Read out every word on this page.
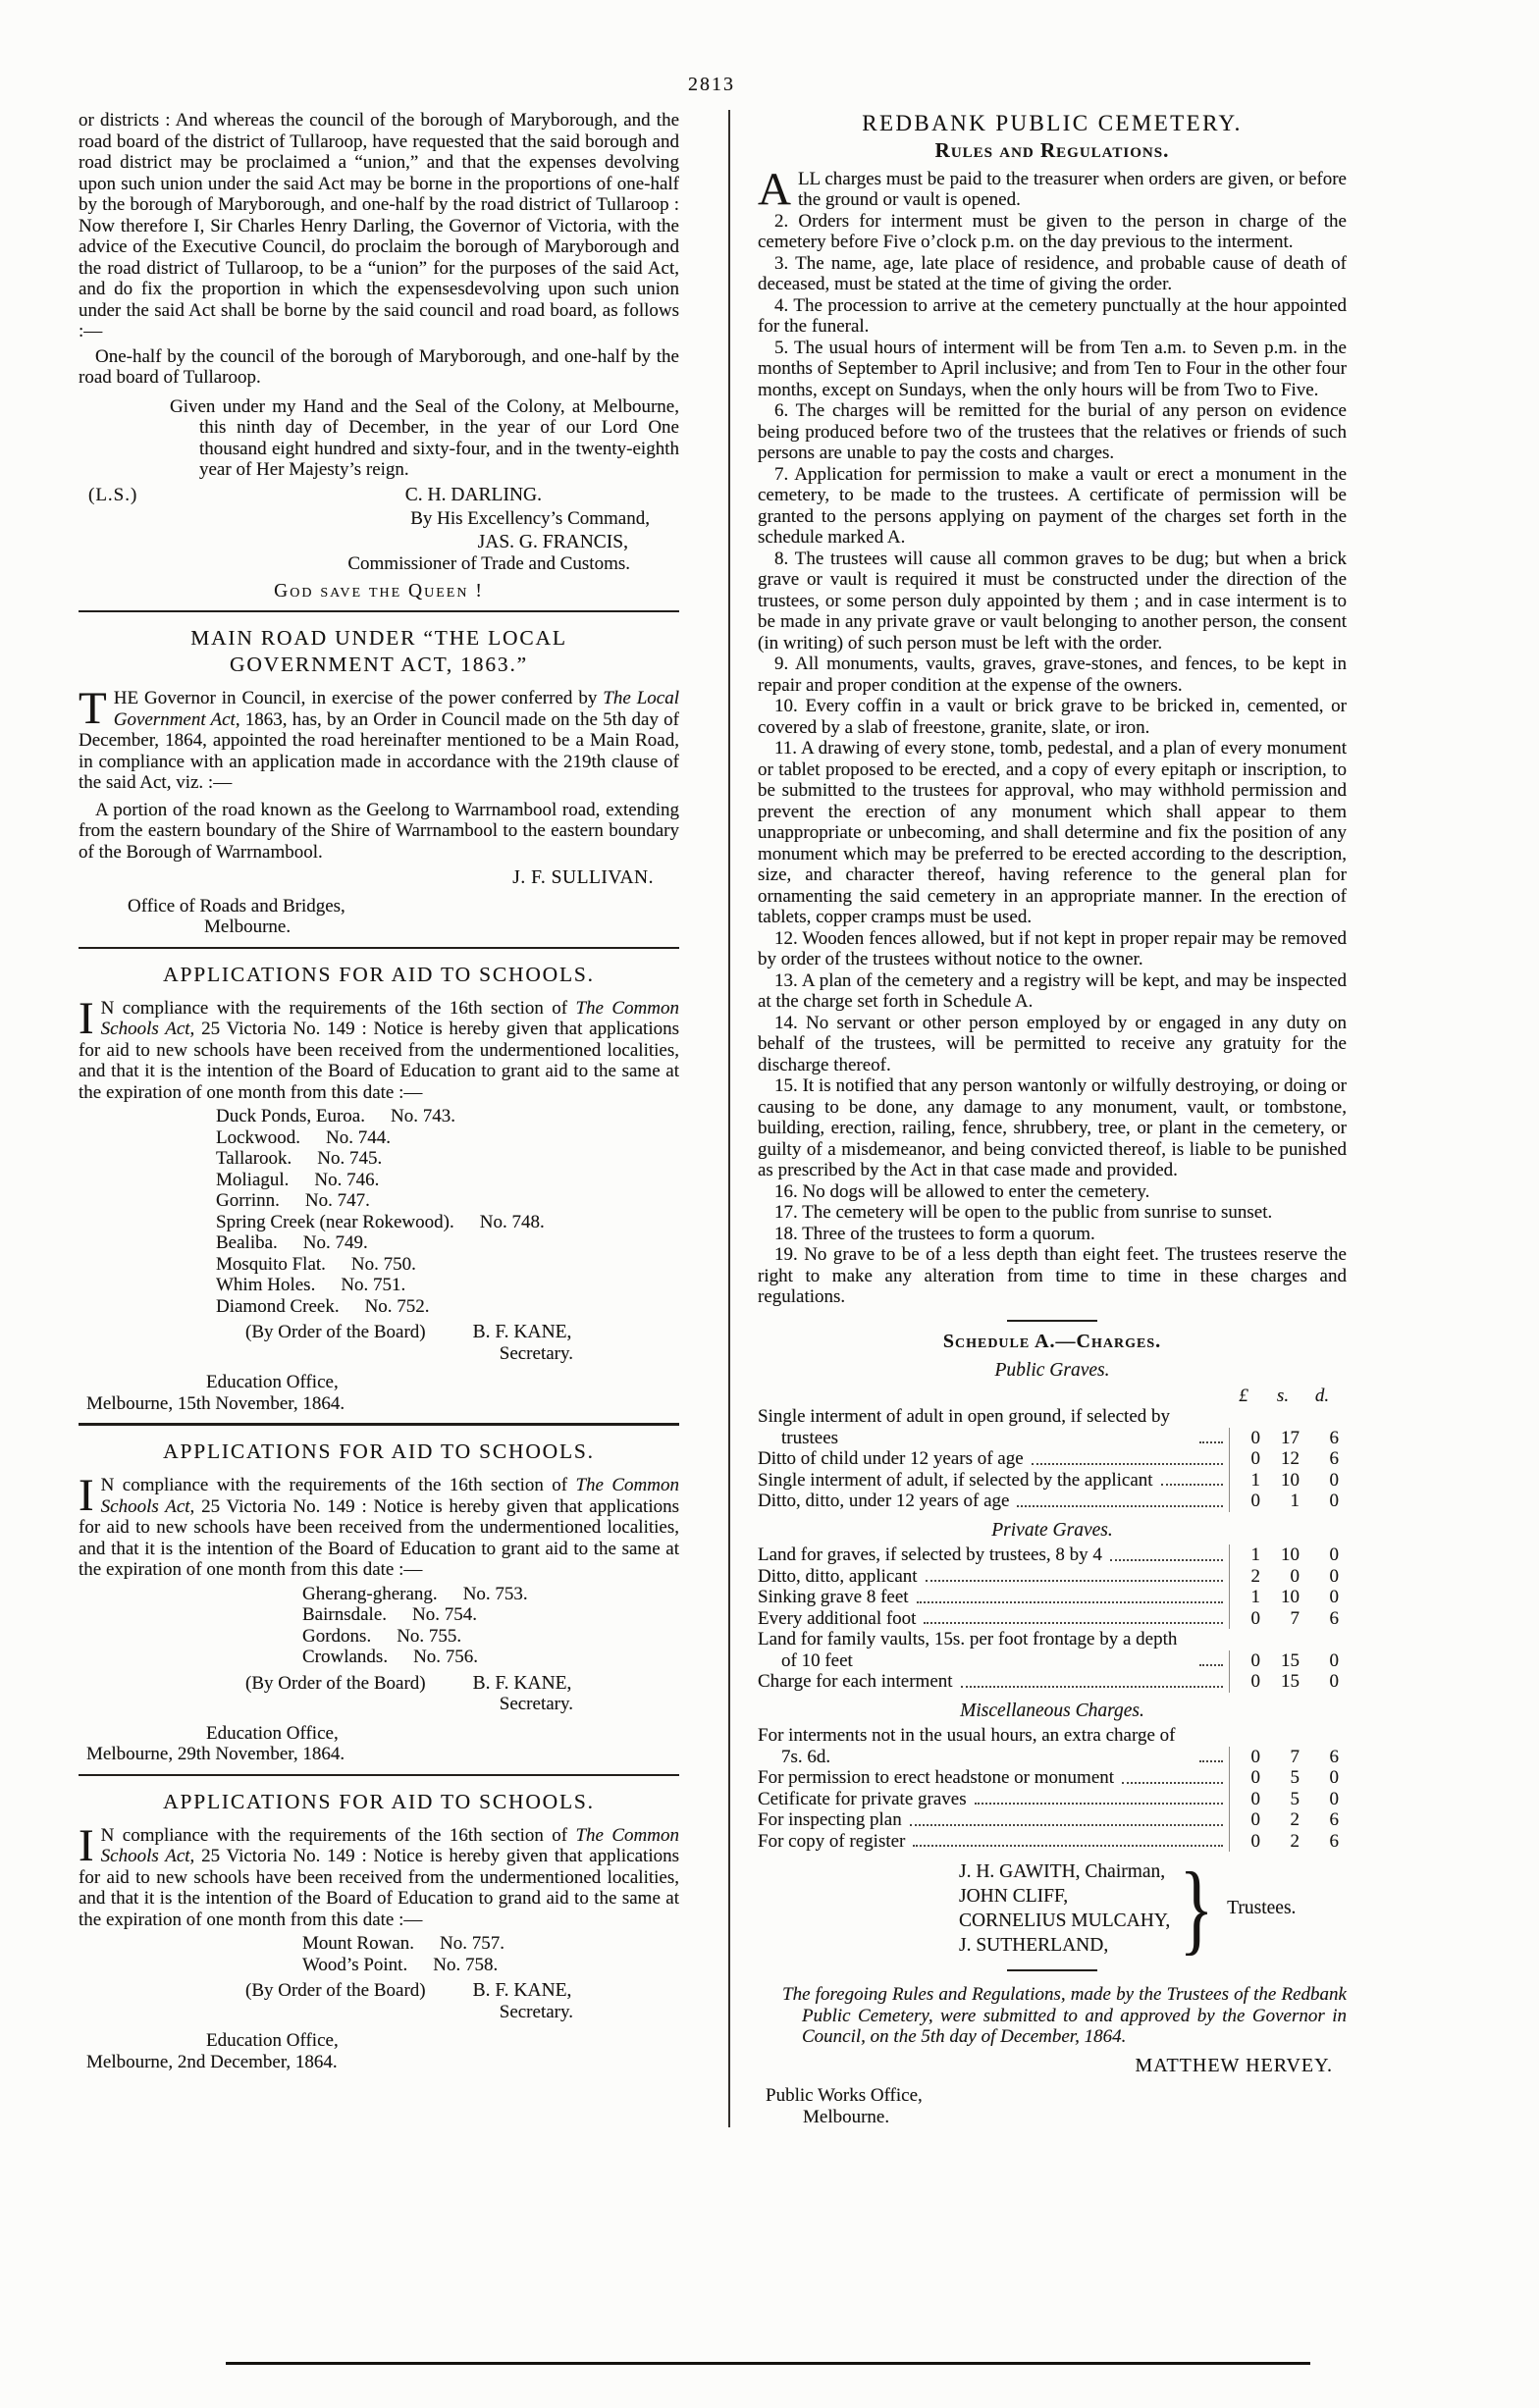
2813

or districts : And whereas the council of the borough of Maryborough, and the road board of the district of Tullaroop, have requested that the said borough and road district may be proclaimed a “union,” and that the expenses devolving upon such union under the said Act may be borne in the proportions of one-half by the borough of Maryborough, and one-half by the road district of Tullaroop : Now therefore I, Sir Charles Henry Darling, the Governor of Victoria, with the advice of the Executive Council, do proclaim the borough of Maryborough and the road district of Tullaroop, to be a “union” for the purposes of the said Act, and do fix the proportion in which the expensesdevolving upon such union under the said Act shall be borne by the said council and road board, as follows :—

One-half by the council of the borough of Maryborough, and one-half by the road board of Tullaroop.

Given under my Hand and the Seal of the Colony, at Melbourne, this ninth day of December, in the year of our Lord One thousand eight hundred and sixty-four, and in the twenty-eighth year of Her Majesty’s reign.

(L.S.)	C. H. DARLING.
By His Excellency’s Command,
JAS. G. FRANCIS,
Commissioner of Trade and Customs.
God save the Queen !
MAIN ROAD UNDER “THE LOCAL GOVERNMENT ACT, 1863.”

THE Governor in Council, in exercise of the power conferred by The Local Government Act, 1863, has, by an Order in Council made on the 5th day of December, 1864, appointed the road hereinafter mentioned to be a Main Road, in compliance with an application made in accordance with the 219th clause of the said Act, viz. :—

A portion of the road known as the Geelong to Warrnambool road, extending from the eastern boundary of the Shire of Warrnambool to the eastern boundary of the Borough of Warrnambool.

J. F. SULLIVAN.
Office of Roads and Bridges,
Melbourne.
APPLICATIONS FOR AID TO SCHOOLS.

I N compliance with the requirements of the 16th section of The Common Schools Act, 25 Victoria No. 149 : Notice is hereby given that applications for aid to new schools have been received from the undermentioned localities, and that it is the intention of the Board of Education to grant aid to the same at the expiration of one month from this date :—

Duck Ponds, Euroa. No. 743.
Lockwood. No. 744.
Tallarook. No. 745.
Moliagul. No. 746.
Gorrinn. No. 747.
Spring Creek (near Rokewood). No. 748.
Bealiba. No. 749.
Mosquito Flat. No. 750.
Whim Holes. No. 751.
Diamond Creek. No. 752.
(By Order of the Board) B. F. KANE,
Secretary.
Education Office,
Melbourne, 15th November, 1864.
APPLICATIONS FOR AID TO SCHOOLS.

I N compliance with the requirements of the 16th section of The Common Schools Act, 25 Victoria No. 149 : Notice is hereby given that applications for aid to new schools have been received from the undermentioned localities, and that it is the intention of the Board of Education to grant aid to the same at the expiration of one month from this date :—

Gherang-gherang. No. 753.
Bairnsdale. No. 754.
Gordons. No. 755.
Crowlands. No. 756.
(By Order of the Board) B. F. KANE,
Secretary.
Education Office,
Melbourne, 29th November, 1864.
APPLICATIONS FOR AID TO SCHOOLS.

I N compliance with the requirements of the 16th section of The Common Schools Act, 25 Victoria No. 149 : Notice is hereby given that applications for aid to new schools have been received from the undermentioned localities, and that it is the intention of the Board of Education to grand aid to the same at the expiration of one month from this date :—

Mount Rowan. No. 757.
Wood’s Point. No. 758.
(By Order of the Board) B. F. KANE,
Secretary.
Education Office,
Melbourne, 2nd December, 1864.
REDBANK PUBLIC CEMETERY.
Rules and Regulations.

ALL charges must be paid to the treasurer when orders are given, or before the ground or vault is opened.

2. Orders for interment must be given to the person in charge of the cemetery before Five o’clock p.m. on the day previous to the interment.

3. The name, age, late place of residence, and probable cause of death of deceased, must be stated at the time of giving the order.

4. The procession to arrive at the cemetery punctually at the hour appointed for the funeral.

5. The usual hours of interment will be from Ten a.m. to Seven p.m. in the months of September to April inclusive; and from Ten to Four in the other four months, except on Sundays, when the only hours will be from Two to Five.

6. The charges will be remitted for the burial of any person on evidence being produced before two of the trustees that the relatives or friends of such persons are unable to pay the costs and charges.

7. Application for permission to make a vault or erect a monument in the cemetery, to be made to the trustees. A certificate of permission will be granted to the persons applying on payment of the charges set forth in the schedule marked A.

8. The trustees will cause all common graves to be dug; but when a brick grave or vault is required it must be constructed under the direction of the trustees, or some person duly appointed by them ; and in case interment is to be made in any private grave or vault belonging to another person, the consent (in writing) of such person must be left with the order.

9. All monuments, vaults, graves, grave-stones, and fences, to be kept in repair and proper condition at the expense of the owners.

10. Every coffin in a vault or brick grave to be bricked in, cemented, or covered by a slab of freestone, granite, slate, or iron.

11. A drawing of every stone, tomb, pedestal, and a plan of every monument or tablet proposed to be erected, and a copy of every epitaph or inscription, to be submitted to the trustees for approval, who may withhold permission and prevent the erection of any monument which shall appear to them unappropriate or unbecoming, and shall determine and fix the position of any monument which may be preferred to be erected according to the description, size, and character thereof, having reference to the general plan for ornamenting the said cemetery in an appropriate manner. In the erection of tablets, copper cramps must be used.

12. Wooden fences allowed, but if not kept in proper repair may be removed by order of the trustees without notice to the owner.

13. A plan of the cemetery and a registry will be kept, and may be inspected at the charge set forth in Schedule A.

14. No servant or other person employed by or engaged in any duty on behalf of the trustees, will be permitted to receive any gratuity for the discharge thereof.

15. It is notified that any person wantonly or wilfully destroying, or doing or causing to be done, any damage to any monument, vault, or tombstone, building, erection, railing, fence, shrubbery, tree, or plant in the cemetery, or guilty of a misdemeanor, and being convicted thereof, is liable to be punished as prescribed by the Act in that case made and provided.

16. No dogs will be allowed to enter the cemetery.

17. The cemetery will be open to the public from sunrise to sunset.

18. Three of the trustees to form a quorum.

19. No grave to be of a less depth than eight feet. The trustees reserve the right to make any alteration from time to time in these charges and regulations.

Schedule A.—Charges.
Public Graves.
£	s.	d.
Single interment of adult in open ground, if selected by trustees	0	17	6
Ditto of child under 12 years of age	0	12	6
Single interment of adult, if selected by the applicant	1	10	0
Ditto, ditto, under 12 years of age	0	1	0
Private Graves.
Land for graves, if selected by trustees, 8 by 4	1	10	0
Ditto, ditto, applicant	2	0	0
Sinking grave 8 feet	1	10	0
Every additional foot	0	7	6
Land for family vaults, 15s. per foot frontage by a depth of 10 feet	0	15	0
Charge for each interment	0	15	0
Miscellaneous Charges.
For interments not in the usual hours, an extra charge of 7s. 6d.	0	7	6
For permission to erect headstone or monument	0	5	0
Cetificate for private graves	0	5	0
For inspecting plan	0	2	6
For copy of register	0	2	6
J. H. GAWITH, Chairman,
JOHN CLIFF,
CORNELIUS MULCAHY,
J. SUTHERLAND, } Trustees.

The foregoing Rules and Regulations, made by the Trustees of the Redbank Public Cemetery, were submitted to and approved by the Governor in Council, on the 5th day of December, 1864.

MATTHEW HERVEY.
Public Works Office,
Melbourne.
